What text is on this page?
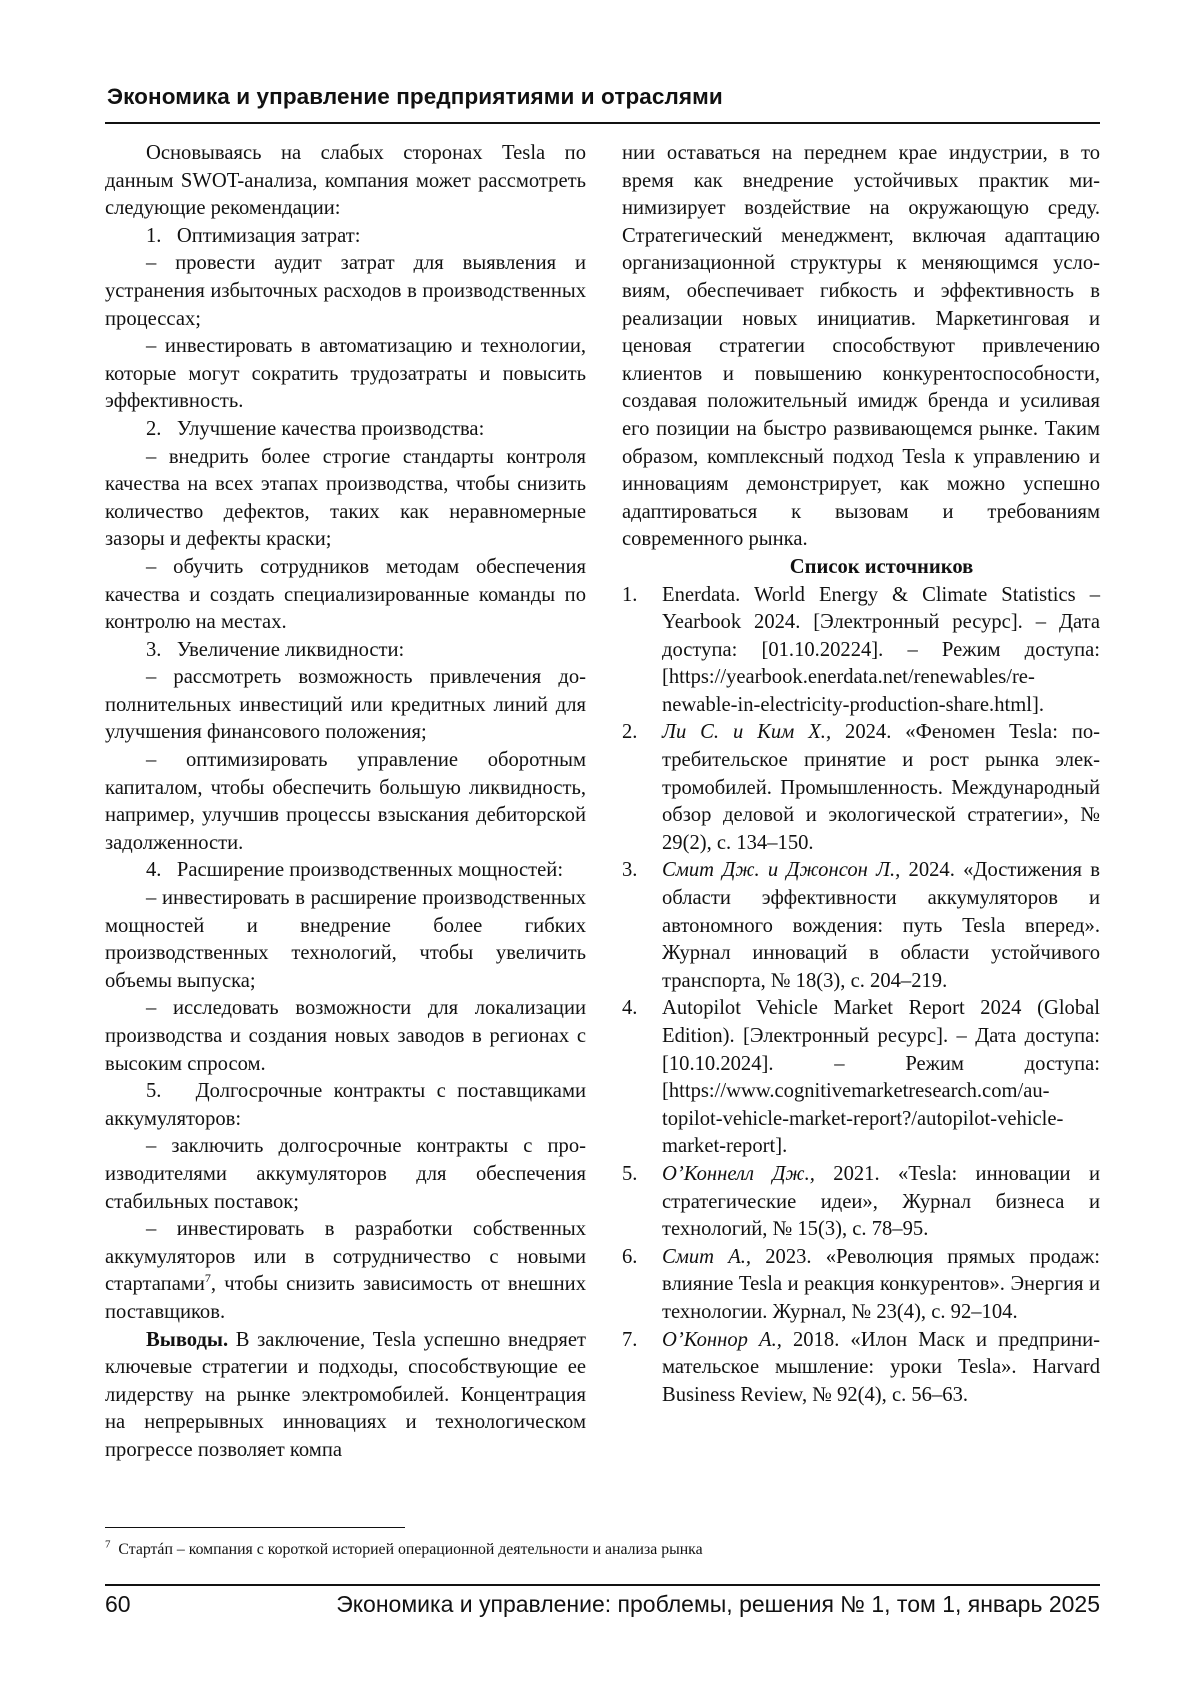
Экономика и управление предприятиями и отраслями

Основываясь на слабых сторонах Tesla по данным SWOT-анализа, компания может рассмо­треть следующие рекомендации:

1.   Оптимизация затрат:

– провести аудит затрат для выявления и устранения избыточных расходов в производ­ственных процессах;

– инвестировать в автоматизацию и техноло­гии, которые могут сократить трудозатраты и по­высить эффективность.

2.   Улучшение качества производства:

– внедрить более строгие стандарты контр­оля качества на всех этапах производства, чтобы снизить количество дефектов, таких как неравно­мерные зазоры и дефекты краски;

– обучить сотрудников методам обеспечения качества и создать специализированные команды по контролю на местах.

3.   Увеличение ликвидности:

– рассмотреть возможность привлечения до­полнительных инвестиций или кредитных линий для улучшения финансового положения;

– оптимизировать управление оборотным капиталом, чтобы обеспечить большую ликвид­ность, например, улучшив процессы взыскания дебиторской задолженности.

4.   Расширение производственных мощно­стей:

– инвестировать в расширение производ­ственных мощностей и внедрение более гибких производственных технологий, чтобы увеличить объемы выпуска;

– исследовать возможности для локализа­ции производства и создания новых заводов в ре­гионах с высоким спросом.

5.   Долгосрочные контракты с поставщика­ми аккумуляторов:

– заключить долгосрочные контракты с про­изводителями аккумуляторов для обеспечения стабильных поставок;

– инвестировать в разработки собственных аккумуляторов или в сотрудничество с новы­ми стартапами7, чтобы снизить зависимость от внешних поставщиков.

Выводы. В заключение, Tesla успешно вне­дряет ключевые стратегии и подходы, способ­ствующие ее лидерству на рынке электромоби­лей. Концентрация на непрерывных инновациях и технологическом прогрессе позволяет компа­

нии оставаться на переднем крае индустрии, в то время как внедрение устойчивых практик ми­нимизирует воздействие на окружающую среду. Стратегический менеджмент, включая адаптацию организационной структуры к меняющимся усло­виям, обеспечивает гибкость и эффективность в реализации новых инициатив. Маркетинговая и ценовая стратегии способствуют привлечению клиентов и повышению конкурентоспособности, создавая положительный имидж бренда и усили­вая его позиции на быстро развивающемся рын­ке. Таким образом, комплексный подход Tesla к управлению и инновациям демонстрирует, как можно успешно адаптироваться к вызовам и тре­бованиям современного рынка.

Список источников

1. Enerdata. World Energy & Climate Statistics – Yearbook 2024. [Электронный ресурс]. – Да­та доступа: [01.10.20224]. – Режим доступа: [https://yearbook.enerdata.net/renewables/re­newable-in-electricity-production-share.html].
2. Ли С. и Ким Х., 2024. «Феномен Tesla: по­требительское принятие и рост рынка элек­тромобилей. Промышленность. Между­народный обзор деловой и экологической стратегии», № 29(2), с. 134–150.
3. Смит Дж. и Джонсон Л., 2024. «Достиже­ния в области эффективности аккумуляторов и автономного вождения: путь Tesla вперед». Журнал инноваций в области устойчивого транспорта, № 18(3), с. 204–219.
4. Autopilot Vehicle Market Report 2024 (Global Edition). [Электронный ресурс]. – Дата доступа: [10.10.2024]. – Режим доступа: [https://www.cognitivemarketresearch.com/au­topilot-vehicle-market-report?/autopilot-vehi­cle-market-report].
5. О’Коннелл Дж., 2021. «Tesla: инновации и стратегические идеи», Журнал бизнеса и технологий, № 15(3), с. 78–95.
6. Смит А., 2023. «Революция прямых продаж: влияние Tesla и реакция конкурентов». Энер­гия и технологии. Журнал, № 23(4), с. 92–104.
7. О’Коннор А., 2018. «Илон Маск и предприни­мательское мышление: уроки Tesla». Harvard Business Review, № 92(4), с. 56–63.
7 Стартáп – компания с короткой историей операционной деятельности и анализа рынка
60	Экономика и управление: проблемы, решения № 1, том 1, январь 2025
